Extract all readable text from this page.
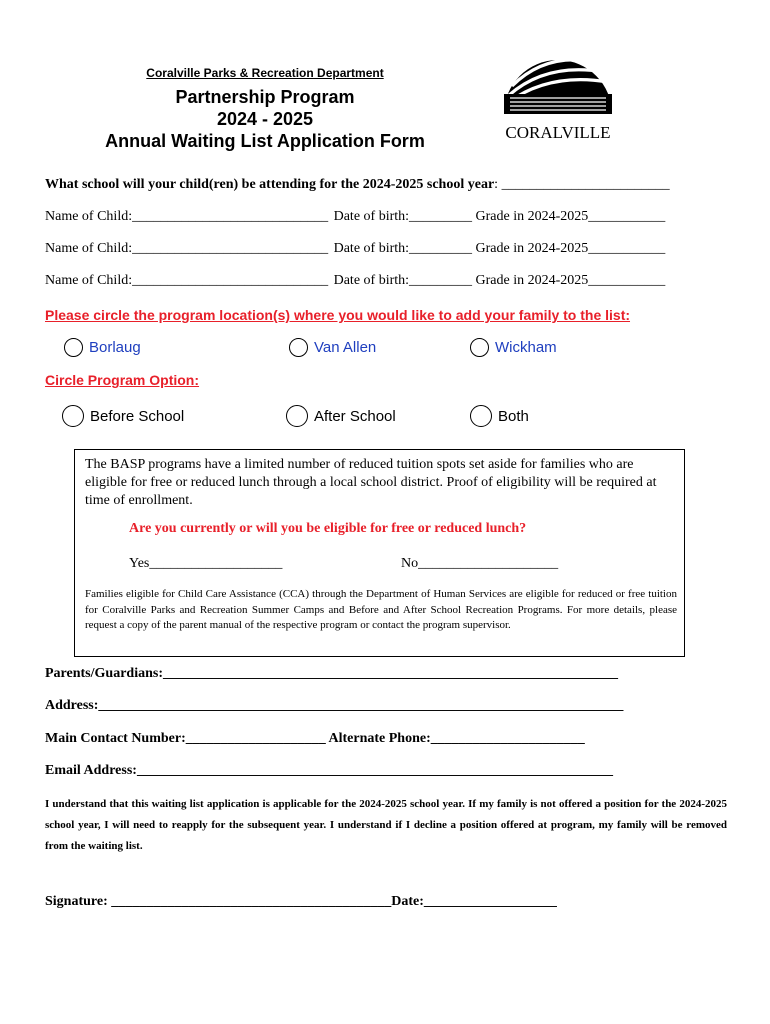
Coralville Parks & Recreation Department
Partnership Program
2024 - 2025
Annual Waiting List Application Form	CORALVILLE
What school will your child(ren) be attending for the 2024-2025 school year: ________________________
Name of Child:____________________________ Date of birth:_________ Grade in 2024-2025___________
Name of Child:____________________________ Date of birth:_________ Grade in 2024-2025___________
Name of Child:____________________________ Date of birth:_________ Grade in 2024-2025___________
Please circle the program location(s) where you would like to add your family to the list:
Borlaug	Van Allen	Wickham
Circle Program Option:
Before School	After School	Both
The BASP programs have a limited number of reduced tuition spots set aside for families who are eligible for free or reduced lunch through a local school district. Proof of eligibility will be required at time of enrollment.
Are you currently or will you be eligible for free or reduced lunch?
Yes___________________	No____________________
Families eligible for Child Care Assistance (CCA) through the Department of Human Services are eligible for reduced or free tuition for Coralville Parks and Recreation Summer Camps and Before and After School Recreation Programs. For more details, please request a copy of the parent manual of the respective program or contact the program supervisor.
Parents/Guardians:_________________________________________________________________
Address:___________________________________________________________________________
Main Contact Number:____________________ Alternate Phone:______________________
Email Address:____________________________________________________________________
I understand that this waiting list application is applicable for the 2024-2025 school year. If my family is not offered a position for the 2024-2025 school year, I will need to reapply for the subsequent year. I understand if I decline a position offered at program, my family will be removed from the waiting list.
Signature: ________________________________________Date:___________________
